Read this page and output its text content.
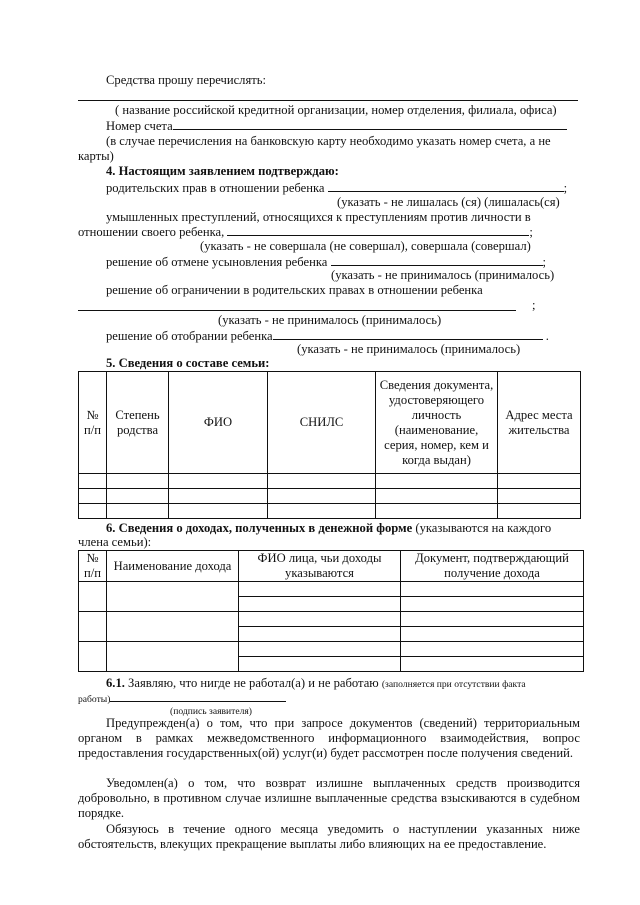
Средства прошу перечислять:
( название российской кредитной организации, номер отделения, филиала, офиса)
Номер счета
(в случае перечисления на банковскую карту необходимо указать номер счета, а не
карты)
4. Настоящим заявлением подтверждаю:
родительских прав в отношении ребенка	;
(указать - не лишалась (ся) (лишалась(ся)
умышленных преступлений, относящихся к преступлениям против личности в
отношении своего ребенка,	;
(указать - не совершала (не совершал), совершала (совершал)
решение об отмене усыновления ребенка	;
(указать - не принималось (принималось)
решение об ограничении в родительских правах в отношении ребенка
;
(указать - не принималось (принималось)
решение об отобрании ребенка	.
(указать - не принималось (принималось)
5. Сведения о составе семьи:
№ п/п	Степень родства	ФИО	СНИЛС	Сведения документа, удостоверяющего личность (наименование, серия, номер, кем и когда выдан)	Адрес места жительства

6. Сведения о доходах, полученных в денежной форме (указываются на каждого
члена семьи):
№ п/п	Наименование дохода	ФИО лица, чьи доходы указываются	Документ, подтверждающий получение дохода

6.1. Заявляю, что нигде не работал(а) и не работаю (заполняется при отсутствии факта
работы)
(подпись заявителя)
Предупрежден(а) о том, что при запросе документов (сведений) территориальным органом в рамках межведомственного информационного взаимодействия, вопрос предоставления государственных(ой) услуг(и) будет рассмотрен после получения сведений.
Уведомлен(а) о том, что возврат излишне выплаченных средств производится добровольно, в противном случае излишне выплаченные средства взыскиваются в судебном порядке.
Обязуюсь в течение одного месяца уведомить о наступлении указанных ниже обстоятельств, влекущих прекращение выплаты либо влияющих на ее предоставление.
